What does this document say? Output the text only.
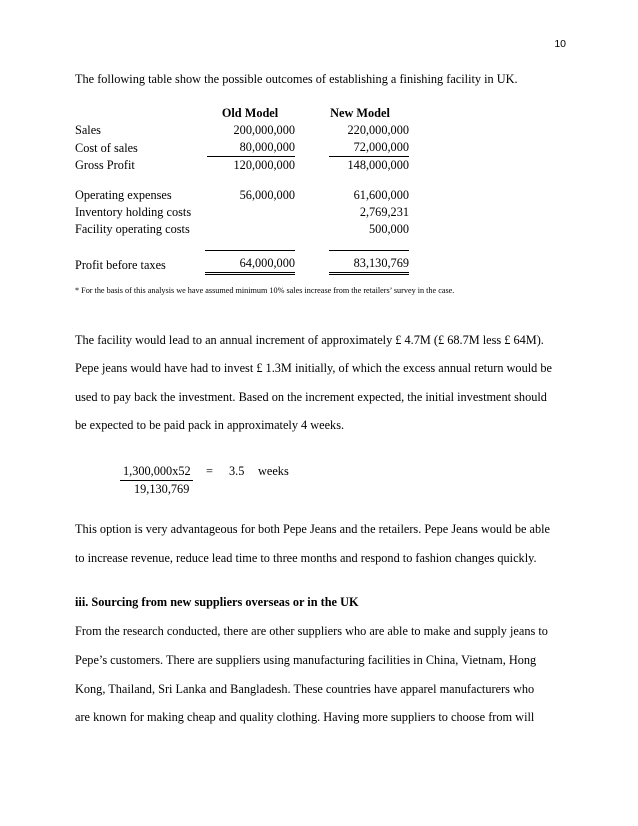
10
The following table show the possible outcomes of establishing a finishing facility in UK.
	Old Model	New Model
Sales	200,000,000	220,000,000
Cost of sales	80,000,000	72,000,000
Gross Profit	120,000,000	148,000,000

Operating expenses	56,000,000	61,600,000
Inventory holding costs		2,769,231
Facility operating costs		500,000

Profit before taxes	64,000,000	83,130,769
* For the basis of this analysis we have assumed minimum 10% sales increase from the retailers’ survey in the case.
The facility would lead to an annual increment of approximately £ 4.7M (£ 68.7M less £ 64M).
Pepe jeans would have had to invest £ 1.3M initially, of which the excess annual return would be
used to pay back the investment. Based on the increment expected, the initial investment should
be expected to be paid pack in approximately 4 weeks.
1,300,000x52
19,130,769
= 3.5 weeks
This option is very advantageous for both Pepe Jeans and the retailers. Pepe Jeans would be able
to increase revenue, reduce lead time to three months and respond to fashion changes quickly.
iii. Sourcing from new suppliers overseas or in the UK
From the research conducted, there are other suppliers who are able to make and supply jeans to
Pepe’s customers. There are suppliers using manufacturing facilities in China, Vietnam, Hong
Kong, Thailand, Sri Lanka and Bangladesh. These countries have apparel manufacturers who
are known for making cheap and quality clothing. Having more suppliers to choose from will
